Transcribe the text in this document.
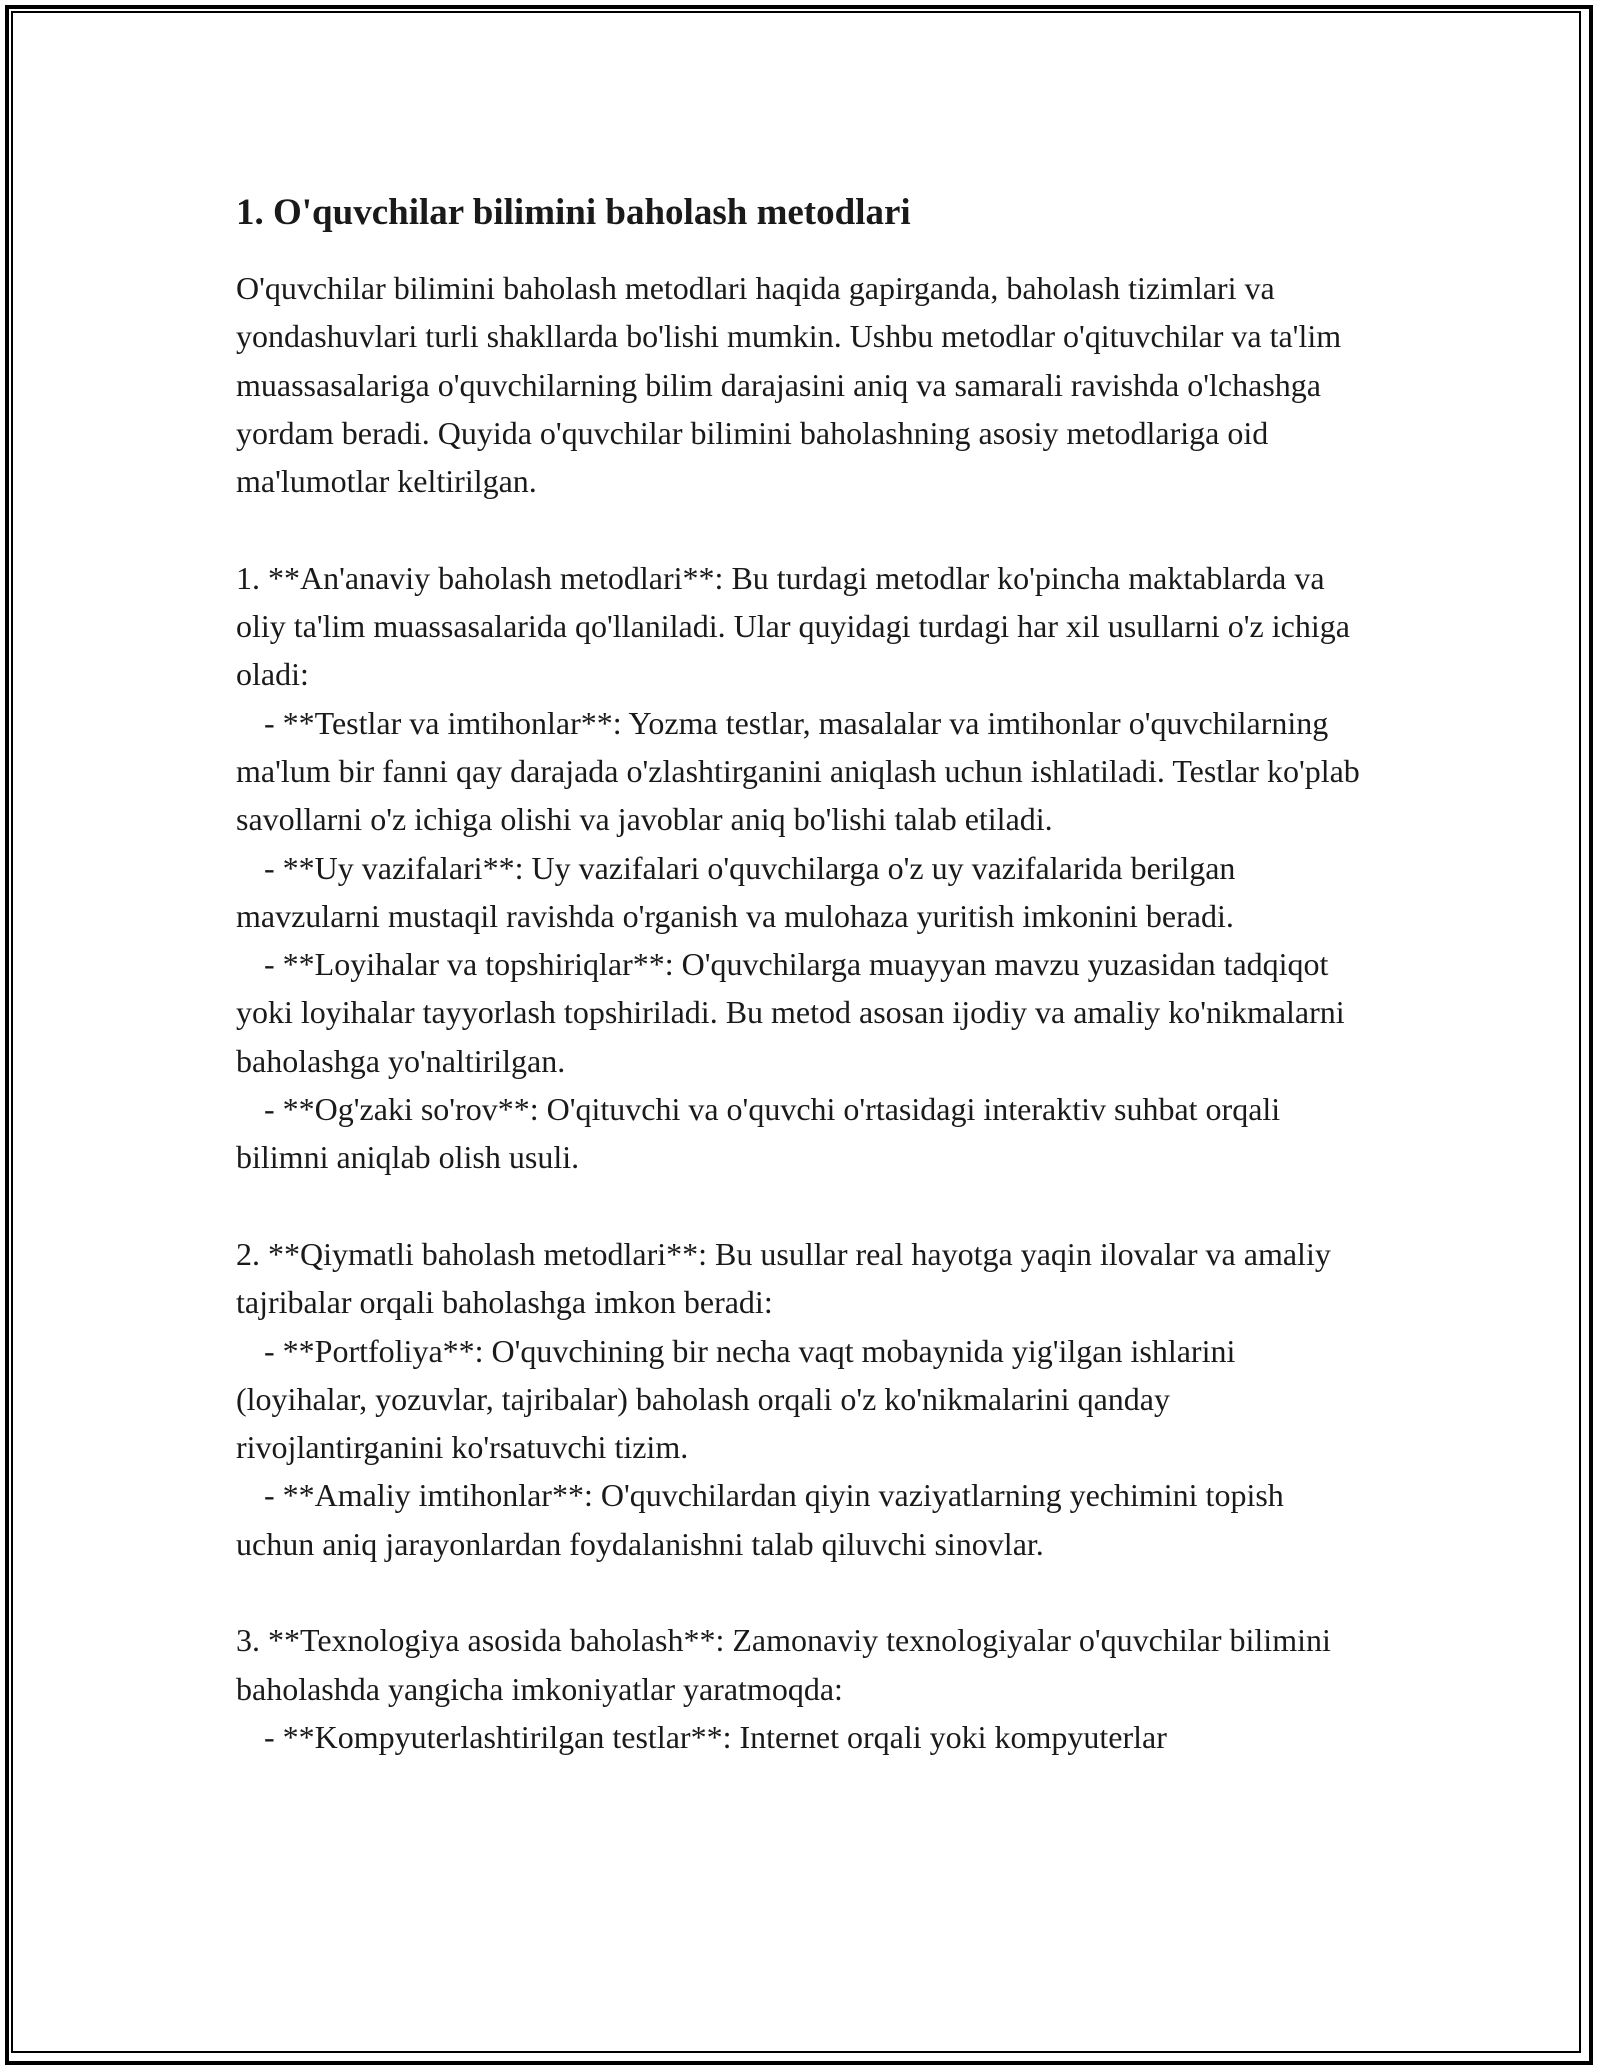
1. O'quvchilar bilimini baholash metodlari

O'quvchilar bilimini baholash metodlari haqida gapirganda, baholash tizimlari va yondashuvlari turli shakllarda bo'lishi mumkin. Ushbu metodlar o'qituvchilar va ta'lim muassasalariga o'quvchilarning bilim darajasini aniq va samarali ravishda o'lchashga yordam beradi. Quyida o'quvchilar bilimini baholashning asosiy metodlariga oid ma'lumotlar keltirilgan.

1. **An'anaviy baholash metodlari**: Bu turdagi metodlar ko'pincha maktablarda va oliy ta'lim muassasalarida qo'llaniladi. Ular quyidagi turdagi har xil usullarni o'z ichiga oladi:

- **Testlar va imtihonlar**: Yozma testlar, masalalar va imtihonlar o'quvchilarning ma'lum bir fanni qay darajada o'zlashtirganini aniqlash uchun ishlatiladi. Testlar ko'plab savollarni o'z ichiga olishi va javoblar aniq bo'lishi talab etiladi.

- **Uy vazifalari**: Uy vazifalari o'quvchilarga o'z uy vazifalarida berilgan mavzularni mustaqil ravishda o'rganish va mulohaza yuritish imkonini beradi.

- **Loyihalar va topshiriqlar**: O'quvchilarga muayyan mavzu yuzasidan tadqiqot yoki loyihalar tayyorlash topshiriladi. Bu metod asosan ijodiy va amaliy ko'nikmalarni baholashga yo'naltirilgan.

- **Og'zaki so'rov**: O'qituvchi va o'quvchi o'rtasidagi interaktiv suhbat orqali bilimni aniqlab olish usuli.

2. **Qiymatli baholash metodlari**: Bu usullar real hayotga yaqin ilovalar va amaliy tajribalar orqali baholashga imkon beradi:

- **Portfoliya**: O'quvchining bir necha vaqt mobaynida yig'ilgan ishlarini (loyihalar, yozuvlar, tajribalar) baholash orqali o'z ko'nikmalarini qanday rivojlantirganini ko'rsatuvchi tizim.

- **Amaliy imtihonlar**: O'quvchilardan qiyin vaziyatlarning yechimini topish uchun aniq jarayonlardan foydalanishni talab qiluvchi sinovlar.

3. **Texnologiya asosida baholash**: Zamonaviy texnologiyalar o'quvchilar bilimini baholashda yangicha imkoniyatlar yaratmoqda:

- **Kompyuterlashtirilgan testlar**: Internet orqali yoki kompyuterlar
